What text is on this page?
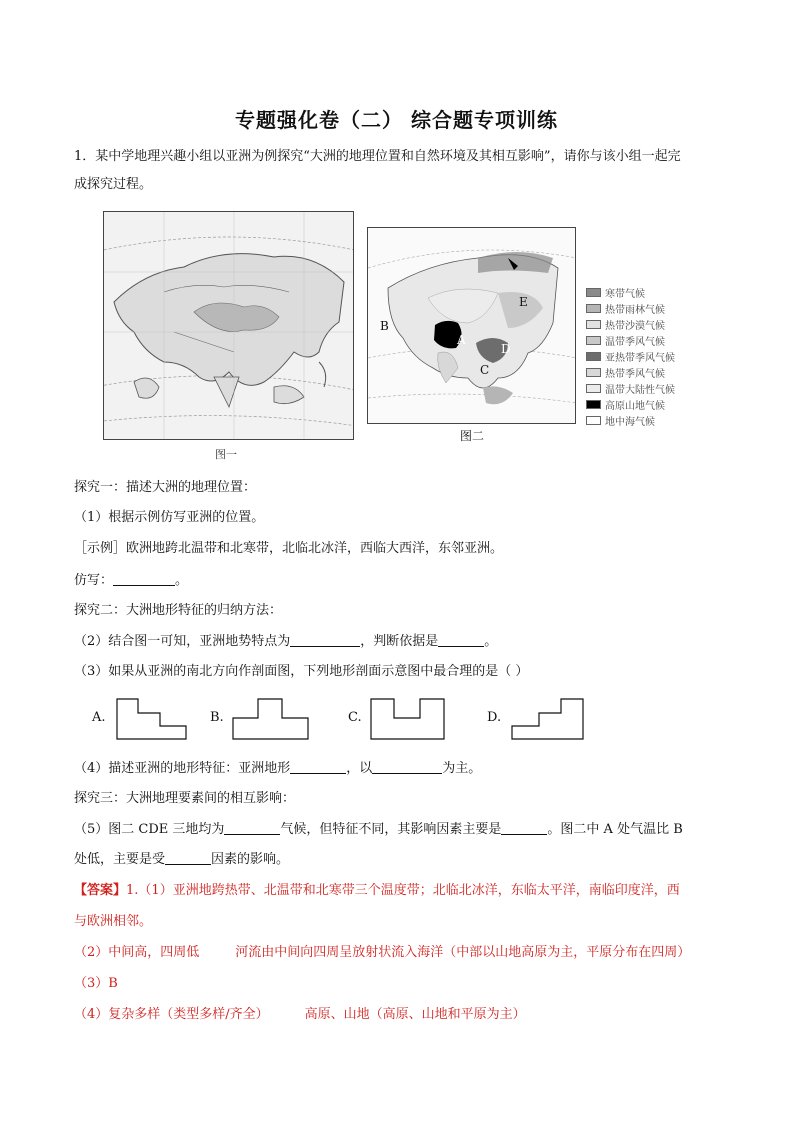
专题强化卷（二） 综合题专项训练
1．某中学地理兴趣小组以亚洲为例探究“大洲的地理位置和自然环境及其相互影响”，请你与该小组一起完
成探究过程。
图一
B
A
D
C
E
图二
寒带气候
热带雨林气候
热带沙漠气候
温带季风气候
亚热带季风气候
热带季风气候
温带大陆性气候
高原山地气候
地中海气候
探究一：描述大洲的地理位置：
（1）根据示例仿写亚洲的位置。
［示例］欧洲地跨北温带和北寒带，北临北冰洋，西临大西洋，东邻亚洲。
仿写：	。
探究二：大洲地形特征的归纳方法：
（2）结合图一可知，亚洲地势特点为	，判断依据是	。
（3）如果从亚洲的南北方向作剖面图，下列地形剖面示意图中最合理的是（ ）
A.	B.	C.	D.
（4）描述亚洲的地形特征：亚洲地形	，以	为主。
探究三：大洲地理要素间的相互影响：
（5）图二 CDE 三地均为	气候，但特征不同，其影响因素主要是	。图二中 A 处气温比 B
处低，主要是受	因素的影响。
【答案】1.（1）亚洲地跨热带、北温带和北寒带三个温度带；北临北冰洋，东临太平洋，南临印度洋，西
与欧洲相邻。
（2）中间高，四周低	河流由中间向四周呈放射状流入海洋（中部以山地高原为主，平原分布在四周）
（3）B
（4）复杂多样（类型多样/齐全）	高原、山地（高原、山地和平原为主）
